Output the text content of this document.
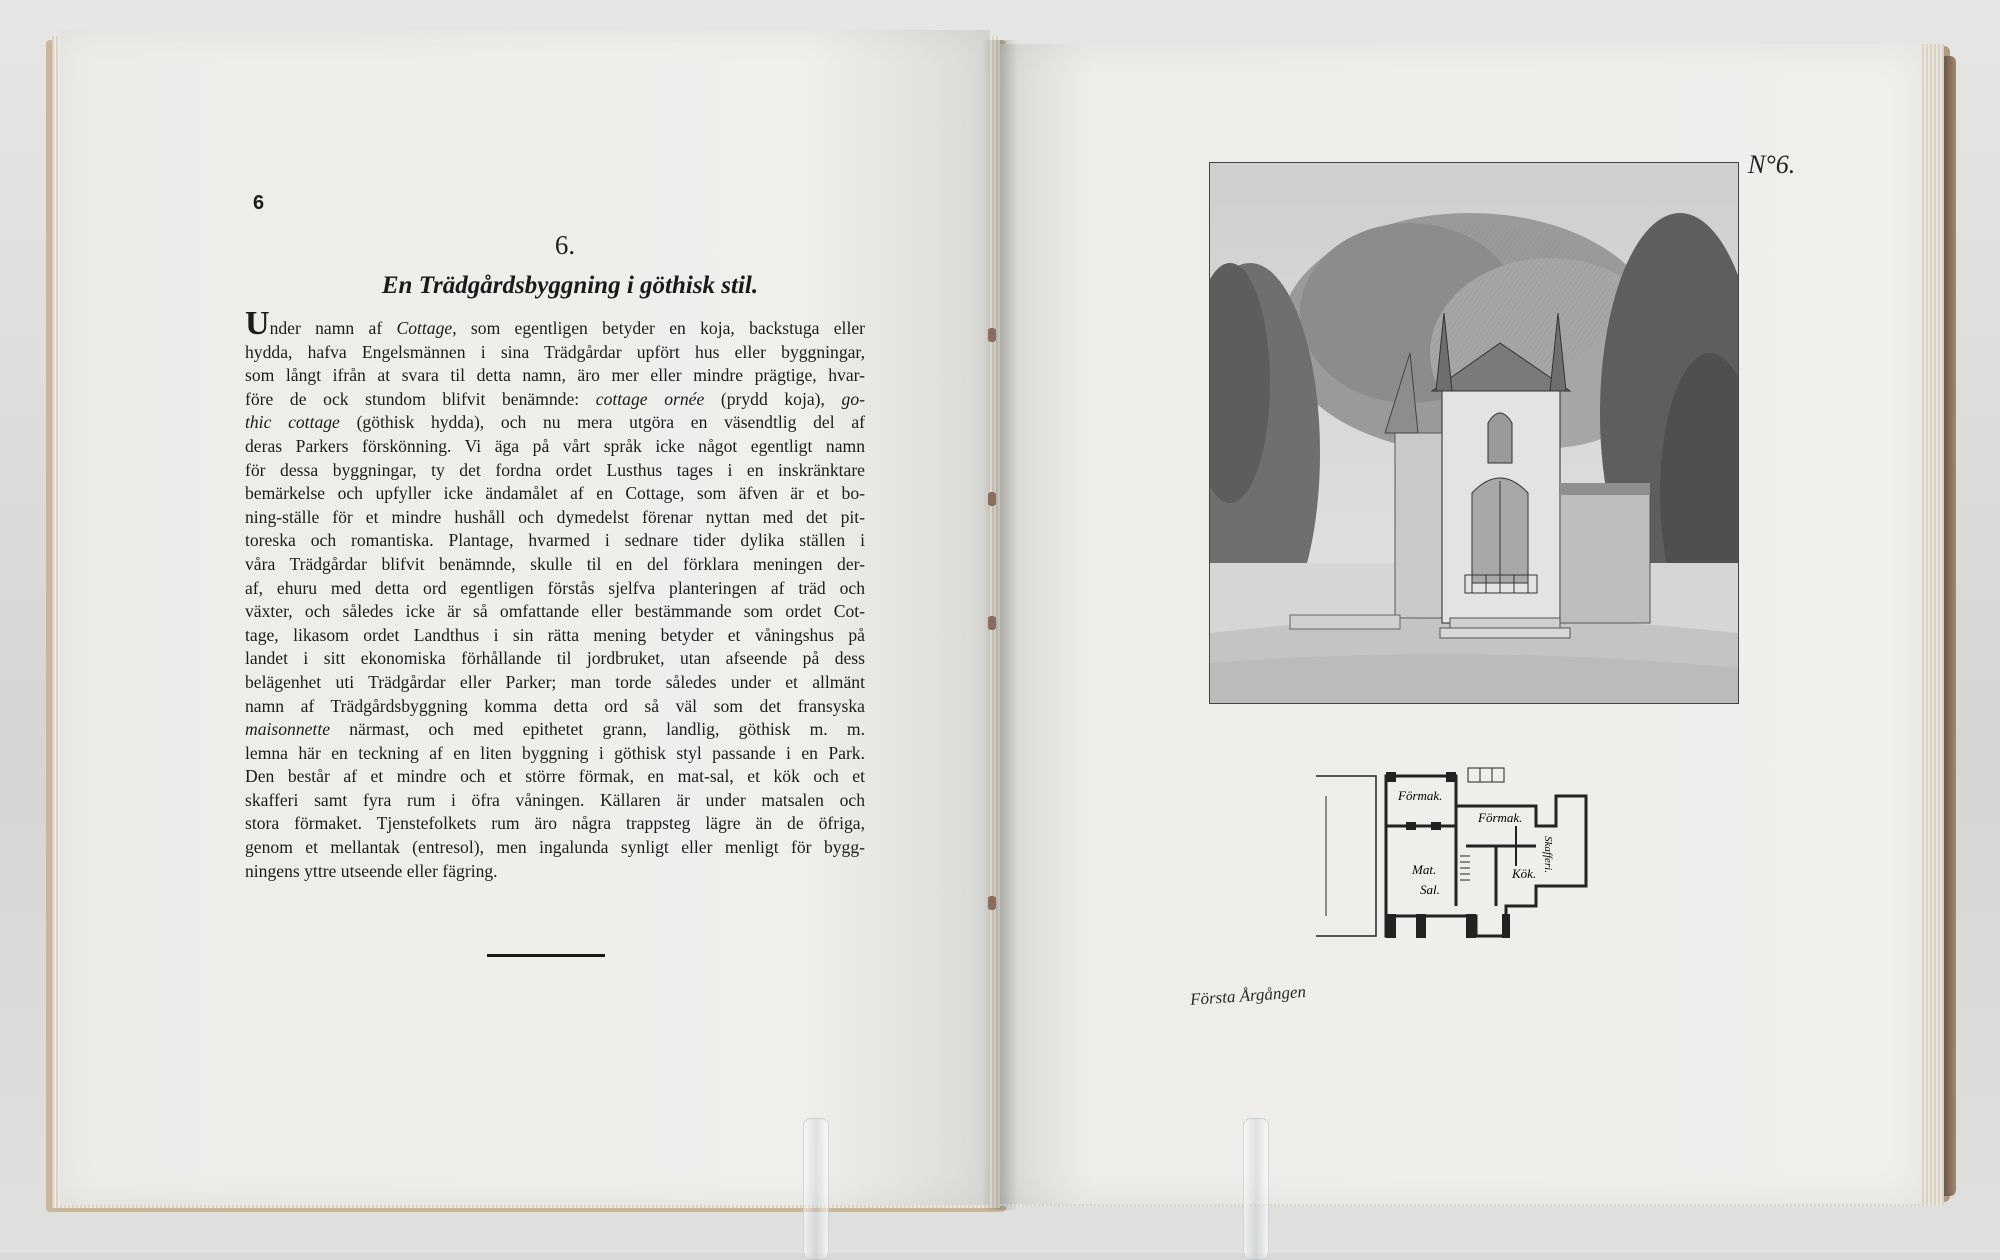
6
6.
En Trädgårdsbyggning i göthisk stil.
Under namn af Cottage, som egentligen betyder en koja, backstuga eller
hydda, hafva Engelsmännen i sina Trädgårdar upfört hus eller byggningar,
som långt ifrån at svara til detta namn, äro mer eller mindre prägtige, hvar-
före de ock stundom blifvit benämnde: cottage ornée (prydd koja), go-
thic cottage (göthisk hydda), och nu mera utgöra en väsendtlig del af
deras Parkers förskönning. Vi äga på vårt språk icke något egentligt namn
för dessa byggningar, ty det fordna ordet Lusthus tages i en inskränktare
bemärkelse och upfyller icke ändamålet af en Cottage, som äfven är et bo-
ning-ställe för et mindre hushåll och dymedelst förenar nyttan med det pit-
toreska och romantiska. Plantage, hvarmed i sednare tider dylika ställen i
våra Trädgårdar blifvit benämnde, skulle til en del förklara meningen der-
af, ehuru med detta ord egentligen förstås sjelfva planteringen af träd och
växter, och således icke är så omfattande eller bestämmande som ordet Cot-
tage, likasom ordet Landthus i sin rätta mening betyder et våningshus på
landet i sitt ekonomiska förhållande til jordbruket, utan afseende på dess
belägenhet uti Trädgårdar eller Parker; man torde således under et allmänt
namn af Trädgårdsbyggning komma detta ord så väl som det fransyska
maisonnette närmast, och med epithetet grann, landlig, göthisk m. m.
lemna här en teckning af en liten byggning i göthisk styl passande i en Park.
Den består af et mindre och et större förmak, en mat-sal, et kök och et
skafferi samt fyra rum i öfra våningen. Källaren är under matsalen och
stora förmaket. Tjenstefolkets rum äro några trappsteg lägre än de öfriga,
genom et mellantak (entresol), men ingalunda synligt eller menligt för bygg-
ningens yttre utseende eller fägring.
N°6.
Förmak.
Förmak.
Skafferi.
Mat.
Sal.
Kök.
Första Årgången
